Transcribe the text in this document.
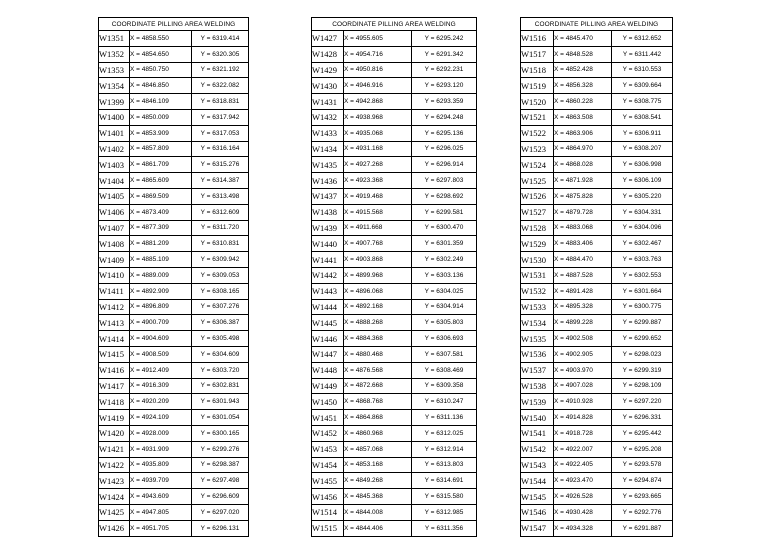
COORDINATE PILLING AREA WELDING		
W1351	X = 4858.550	Y = 6319.414
W1352	X = 4854.650	Y = 6320.305
W1353	X = 4850.750	Y = 6321.192
W1354	X = 4846.850	Y = 6322.082
W1399	X = 4846.109	Y = 6318.831
W1400	X = 4850.009	Y = 6317.942
W1401	X = 4853.909	Y = 6317.053
W1402	X = 4857.809	Y = 6316.164
W1403	X = 4861.709	Y = 6315.276
W1404	X = 4865.609	Y = 6314.387
W1405	X = 4869.509	Y = 6313.498
W1406	X = 4873.409	Y = 6312.609
W1407	X = 4877.309	Y = 6311.720
W1408	X = 4881.209	Y = 6310.831
W1409	X = 4885.109	Y = 6309.942
W1410	X = 4889.009	Y = 6309.053
W1411	X = 4892.909	Y = 6308.165
W1412	X = 4896.809	Y = 6307.276
W1413	X = 4900.709	Y = 6306.387
W1414	X = 4904.609	Y = 6305.498
W1415	X = 4908.509	Y = 6304.609
W1416	X = 4912.409	Y = 6303.720
W1417	X = 4916.309	Y = 6302.831
W1418	X = 4920.209	Y = 6301.943
W1419	X = 4924.109	Y = 6301.054
W1420	X = 4928.009	Y = 6300.165
W1421	X = 4931.909	Y = 6299.276
W1422	X = 4935.809	Y = 6298.387
W1423	X = 4939.709	Y = 6297.498
W1424	X = 4943.609	Y = 6296.609
W1425	X = 4947.805	Y = 6297.020
W1426	X = 4951.705	Y = 6296.131
COORDINATE PILLING AREA WELDING		
W1427	X = 4955.605	Y = 6295.242
W1428	X = 4954.716	Y = 6291.342
W1429	X = 4950.816	Y = 6292.231
W1430	X = 4946.916	Y = 6293.120
W1431	X = 4942.868	Y = 6293.359
W1432	X = 4938.968	Y = 6294.248
W1433	X = 4935.068	Y = 6295.136
W1434	X = 4931.168	Y = 6296.025
W1435	X = 4927.268	Y = 6296.914
W1436	X = 4923.368	Y = 6297.803
W1437	X = 4919.468	Y = 6298.692
W1438	X = 4915.568	Y = 6299.581
W1439	X = 4911.668	Y = 6300.470
W1440	X = 4907.768	Y = 6301.359
W1441	X = 4903.868	Y = 6302.249
W1442	X = 4899.968	Y = 6303.136
W1443	X = 4896.068	Y = 6304.025
W1444	X = 4892.168	Y = 6304.914
W1445	X = 4888.268	Y = 6305.803
W1446	X = 4884.368	Y = 6306.693
W1447	X = 4880.468	Y = 6307.581
W1448	X = 4876.568	Y = 6308.469
W1449	X = 4872.668	Y = 6309.358
W1450	X = 4868.768	Y = 6310.247
W1451	X = 4864.868	Y = 6311.136
W1452	X = 4860.968	Y = 6312.025
W1453	X = 4857.068	Y = 6312.914
W1454	X = 4853.168	Y = 6313.803
W1455	X = 4849.268	Y = 6314.691
W1456	X = 4845.368	Y = 6315.580
W1514	X = 4844.008	Y = 6312.985
W1515	X = 4844.406	Y = 6311.356
COORDINATE PILLING AREA WELDING		
W1516	X = 4845.470	Y = 6312.652
W1517	X = 4848.528	Y = 6311.442
W1518	X = 4852.428	Y = 6310.553
W1519	X = 4856.328	Y = 6309.664
W1520	X = 4860.228	Y = 6308.775
W1521	X = 4863.508	Y = 6308.541
W1522	X = 4863.906	Y = 6306.911
W1523	X = 4864.970	Y = 6308.207
W1524	X = 4868.028	Y = 6306.998
W1525	X = 4871.928	Y = 6306.109
W1526	X = 4875.828	Y = 6305.220
W1527	X = 4879.728	Y = 6304.331
W1528	X = 4883.068	Y = 6304.096
W1529	X = 4883.406	Y = 6302.467
W1530	X = 4884.470	Y = 6303.763
W1531	X = 4887.528	Y = 6302.553
W1532	X = 4891.428	Y = 6301.664
W1533	X = 4895.328	Y = 6300.775
W1534	X = 4899.228	Y = 6299.887
W1535	X = 4902.508	Y = 6299.652
W1536	X = 4902.905	Y = 6298.023
W1537	X = 4903.970	Y = 6299.319
W1538	X = 4907.028	Y = 6298.109
W1539	X = 4910.928	Y = 6297.220
W1540	X = 4914.828	Y = 6296.331
W1541	X = 4918.728	Y = 6295.442
W1542	X = 4922.007	Y = 6295.208
W1543	X = 4922.405	Y = 6293.578
W1544	X = 4923.470	Y = 6294.874
W1545	X = 4926.528	Y = 6293.665
W1546	X = 4930.428	Y = 6292.776
W1547	X = 4934.328	Y = 6291.887
